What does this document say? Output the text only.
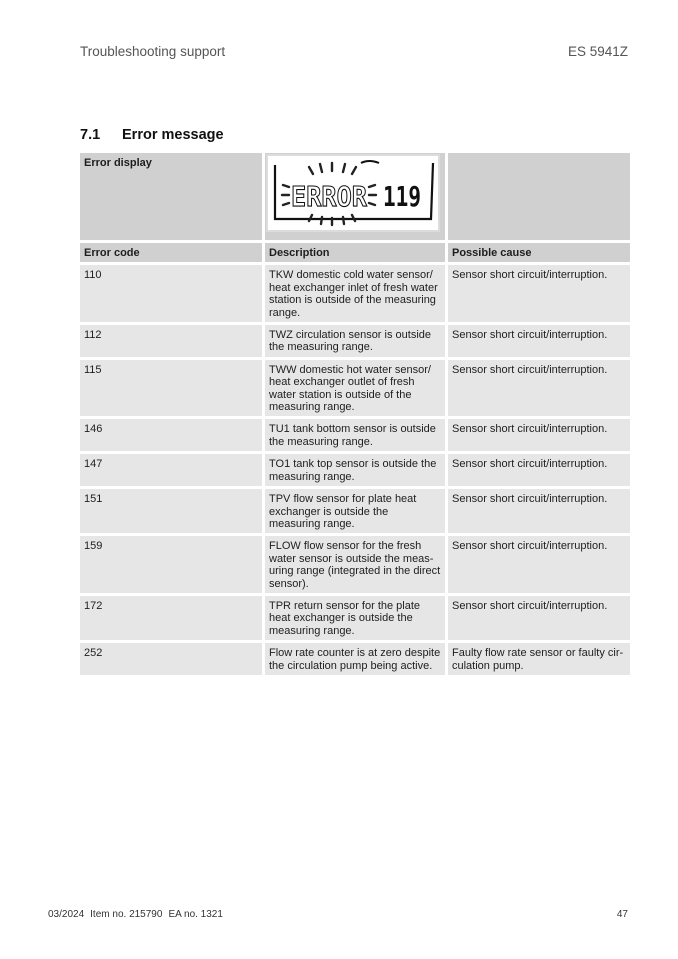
Troubleshooting support	ES 5941Z
7.1 Error message
Error display	ERROR 119	

Error code	Description	Possible cause
110	TKW domestic cold water sensor/ heat exchanger inlet of fresh water station is outside of the measuring range.	Sensor short circuit/interruption.
112	TWZ circulation sensor is outside the measuring range.	Sensor short circuit/interruption.
115	TWW domestic hot water sensor/ heat exchanger outlet of fresh water station is outside of the measuring range.	Sensor short circuit/interruption.
146	TU1 tank bottom sensor is outside the measuring range.	Sensor short circuit/interruption.
147	TO1 tank top sensor is outside the measuring range.	Sensor short circuit/interruption.
151	TPV flow sensor for plate heat exchanger is outside the measuring range.	Sensor short circuit/interruption.
159	FLOW flow sensor for the fresh water sensor is outside the meas-uring range (integrated in the direct sensor).	Sensor short circuit/interruption.
172	TPR return sensor for the plate heat exchanger is outside the measuring range.	Sensor short circuit/interruption.
252	Flow rate counter is at zero despite the circulation pump being active.	Faulty flow rate sensor or faulty cir-culation pump.
03/2024 Item no. 215790 EA no. 1321	47
